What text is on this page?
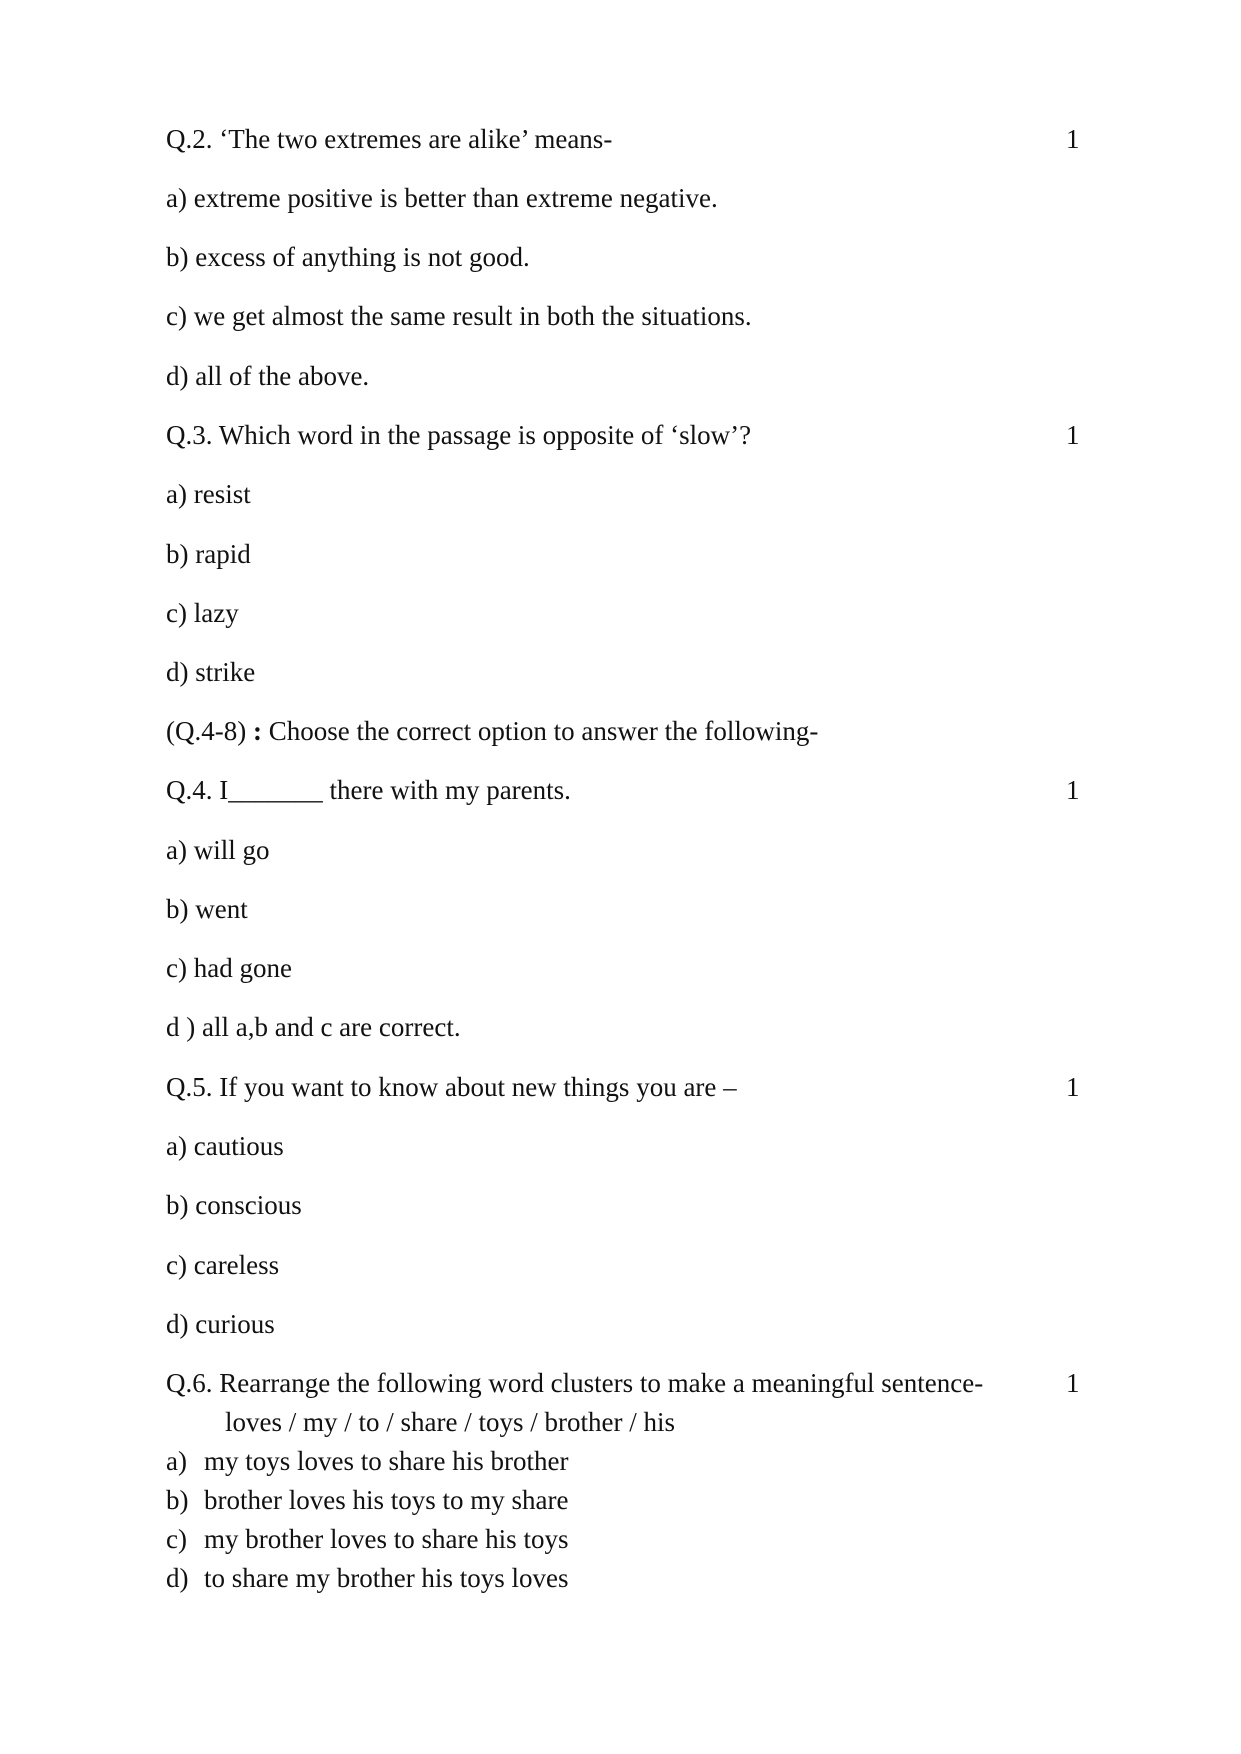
Q.2. ‘The two extremes are alike’ means-	1
a) extreme positive is better than extreme negative.
b) excess of anything is not good.
c) we get almost the same result in both the situations.
d) all of the above.
Q.3. Which word in the passage is opposite of ‘slow’?	1
a) resist
b) rapid
c) lazy
d) strike
(Q.4-8) : Choose the correct option to answer the following-
Q.4. I_______ there with my parents.	1
a) will go
b) went
c) had gone
d ) all a,b and c are correct.
Q.5. If you want to know about new things you are –	1
a) cautious
b) conscious
c) careless
d) curious
Q.6. Rearrange the following word clusters to make a meaningful sentence-	1
loves / my / to / share / toys / brother / his
a) my toys loves to share his brother
b) brother loves his toys to my share
c) my brother loves to share his toys
d) to share my brother his toys loves
